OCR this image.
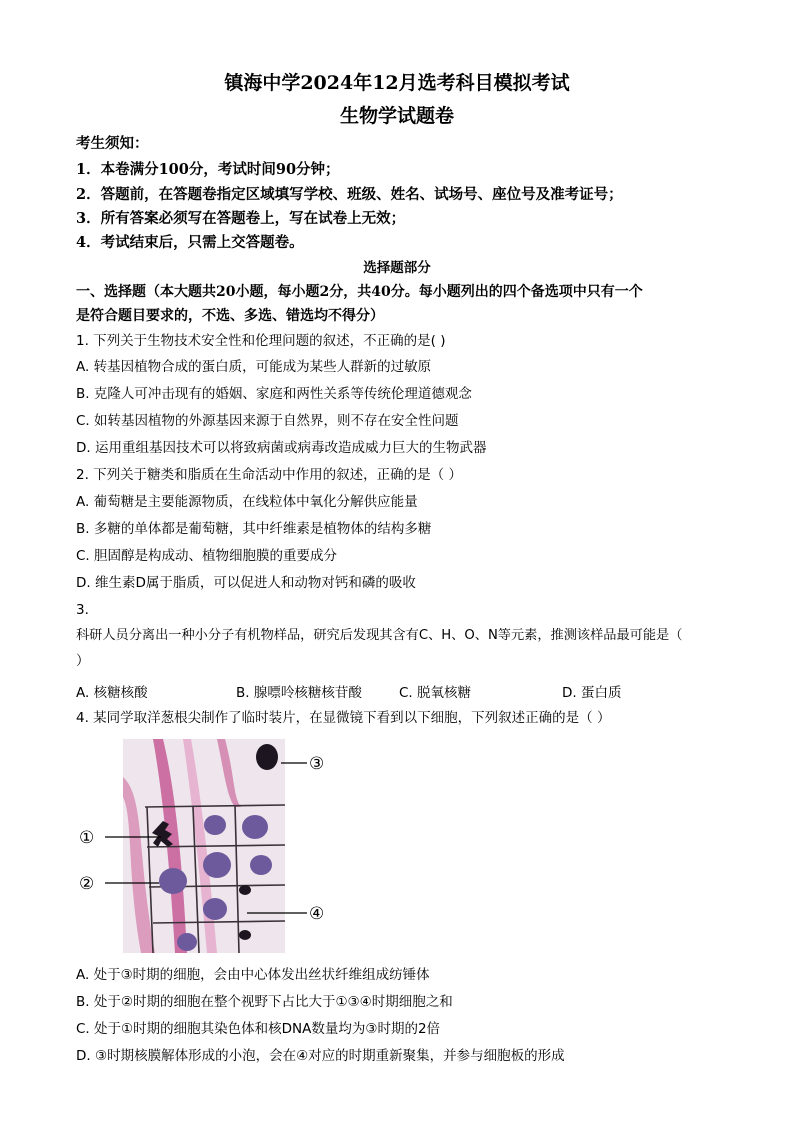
镇海中学2024年12月选考科目模拟考试
生物学试题卷
考生须知：
1．本卷满分100分，考试时间90分钟；
2．答题前，在答题卷指定区域填写学校、班级、姓名、试场号、座位号及准考证号；
3．所有答案必须写在答题卷上，写在试卷上无效；
4．考试结束后，只需上交答题卷。
选择题部分
一、选择题（本大题共20小题，每小题2分，共40分。每小题列出的四个备选项中只有一个
是符合题目要求的，不选、多选、错选均不得分）
1. 下列关于生物技术安全性和伦理问题的叙述，不正确的是( )
A. 转基因植物合成的蛋白质，可能成为某些人群新的过敏原
B. 克隆人可冲击现有的婚姻、家庭和两性关系等传统伦理道德观念
C. 如转基因植物的外源基因来源于自然界，则不存在安全性问题
D. 运用重组基因技术可以将致病菌或病毒改造成威力巨大的生物武器
2. 下列关于糖类和脂质在生命活动中作用的叙述，正确的是（ ）
A. 葡萄糖是主要能源物质，在线粒体中氧化分解供应能量
B. 多糖的单体都是葡萄糖，其中纤维素是植物体的结构多糖
C. 胆固醇是构成动、植物细胞膜的重要成分
D. 维生素D属于脂质，可以促进人和动物对钙和磷的吸收
3.
科研人员分离出一种小分子有机物样品，研究后发现其含有C、H、O、N等元素，推测该样品最可能是（
）
A. 核糖核酸	B. 腺嘌呤核糖核苷酸	C. 脱氧核糖	D. 蛋白质
4. 某同学取洋葱根尖制作了临时装片，在显微镜下看到以下细胞，下列叙述正确的是（ ）
③
①
②
④
A. 处于③时期的细胞，会由中心体发出丝状纤维组成纺锤体
B. 处于②时期的细胞在整个视野下占比大于①③④时期细胞之和
C. 处于①时期的细胞其染色体和核DNA数量均为③时期的2倍
D. ③时期核膜解体形成的小泡，会在④对应的时期重新聚集，并参与细胞板的形成
